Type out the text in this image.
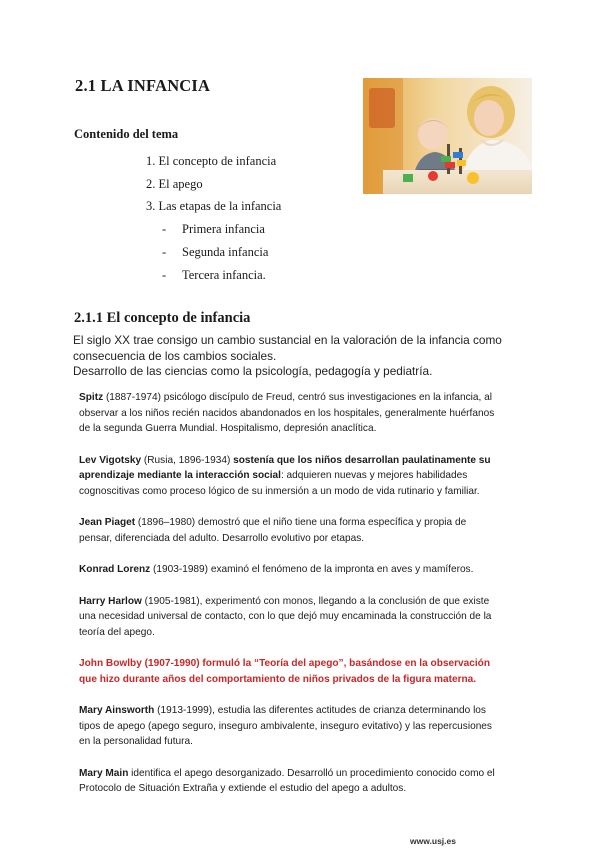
2.1 LA INFANCIA
Contenido del tema
1. El concepto de infancia
2. El apego
3. Las etapas de la infancia
- Primera infancia
- Segunda infancia
- Tercera infancia.
2.1.1 El concepto de infancia

El siglo XX trae consigo un cambio sustancial en la valoración de la infancia como consecuencia de los cambios sociales.

Desarrollo de las ciencias como la psicología, pedagogía y pediatría.

Spitz (1887-1974) psicólogo discípulo de Freud, centró sus investigaciones en la infancia, al observar a los niños recién nacidos abandonados en los hospitales, generalmente huérfanos de la segunda Guerra Mundial. Hospitalismo, depresión anaclítica.

Lev Vigotsky (Rusia, 1896-1934) sostenía que los niños desarrollan paulatinamente su aprendizaje mediante la interacción social: adquieren nuevas y mejores habilidades cognoscitivas como proceso lógico de su inmersión a un modo de vida rutinario y familiar.

Jean Piaget (1896–1980) demostró que el niño tiene una forma específica y propia de pensar, diferenciada del adulto. Desarrollo evolutivo por etapas.

Konrad Lorenz (1903-1989) examinó el fenómeno de la impronta en aves y mamíferos.

Harry Harlow (1905-1981), experimentó con monos, llegando a la conclusión de que existe una necesidad universal de contacto, con lo que dejó muy encaminada la construcción de la teoría del apego.

John Bowlby (1907-1990) formuló la “Teoría del apego”, basándose en la observación que hizo durante años del comportamiento de niños privados de la figura materna.

Mary Ainsworth (1913-1999), estudia las diferentes actitudes de crianza determinando los tipos de apego (apego seguro, inseguro ambivalente, inseguro evitativo) y las repercusiones en la personalidad futura.

Mary Main identifica el apego desorganizado. Desarrolló un procedimiento conocido como el Protocolo de Situación Extraña y extiende el estudio del apego a adultos.

www.usj.es
